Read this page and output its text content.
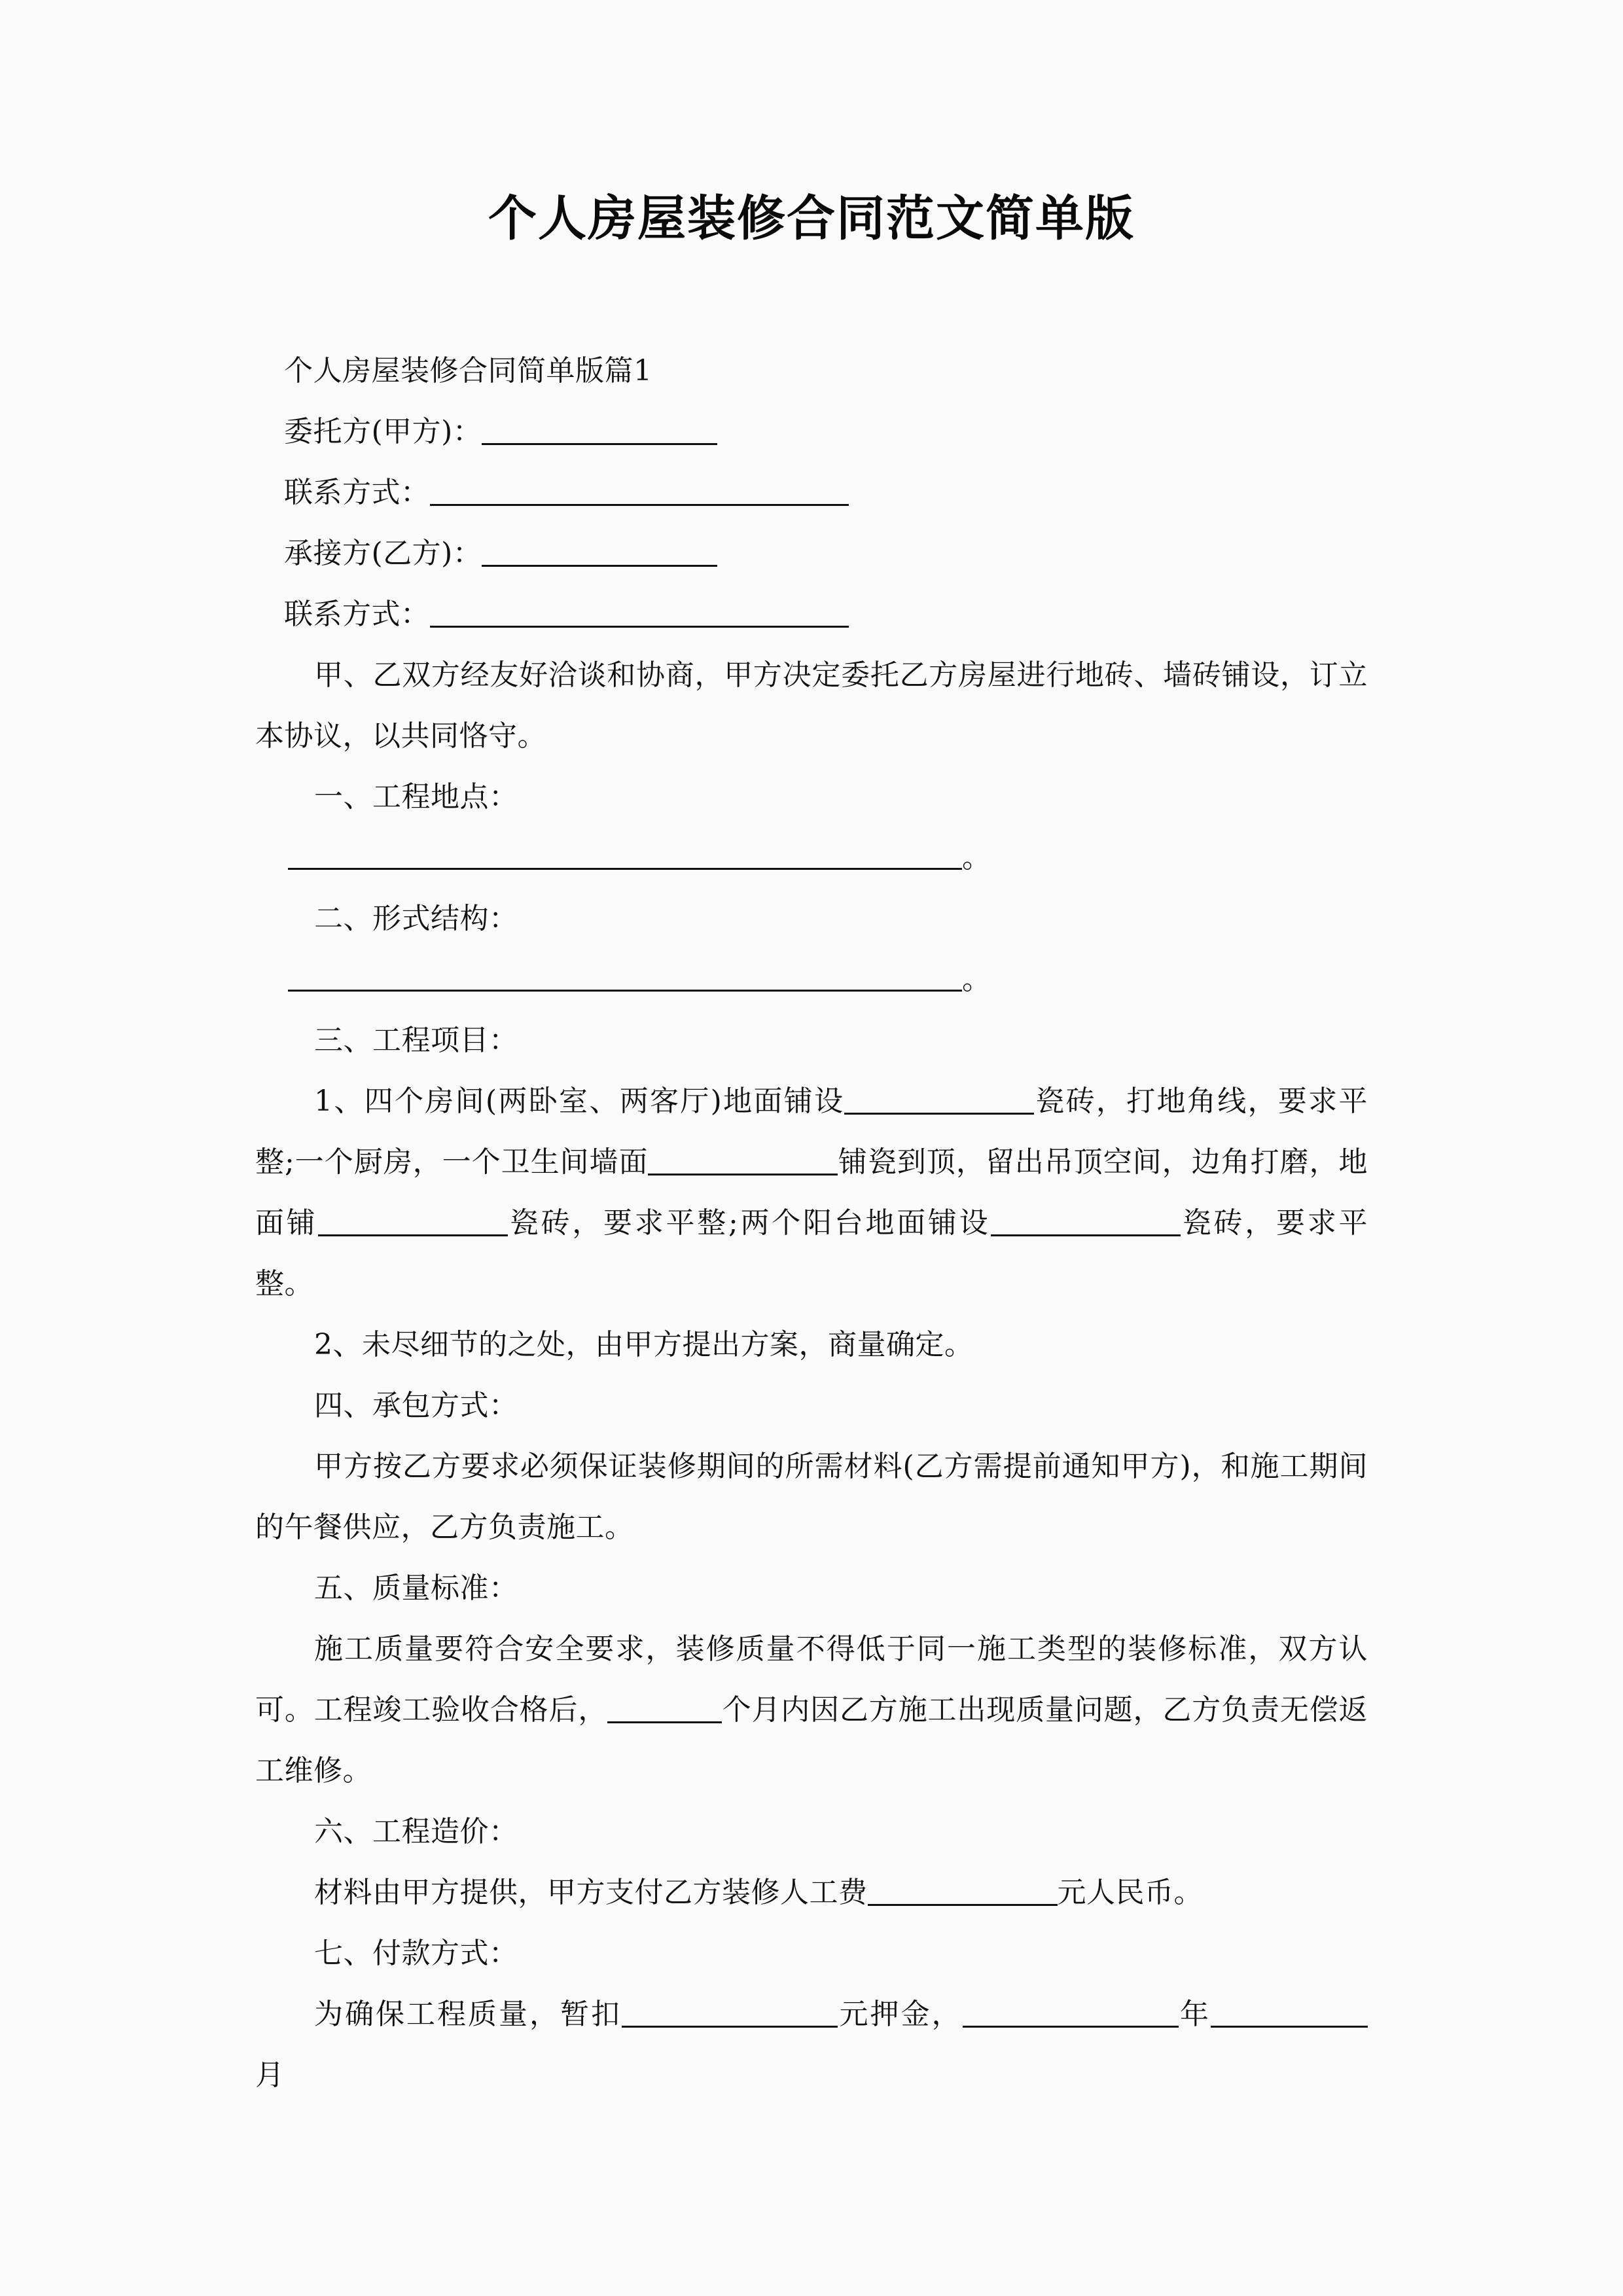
个人房屋装修合同范文简单版

个人房屋装修合同简单版篇1

委托方(甲方)：

联系方式：

承接方(乙方)：

联系方式：

甲、乙双方经友好洽谈和协商，甲方决定委托乙方房屋进行地砖、墙砖铺设，订立本协议，以共同恪守。

一、工程地点：

。

二、形式结构：

。

三、工程项目：

1、四个房间(两卧室、两客厅)地面铺设	瓷砖，打地角线，要求平整;一个厨房，一个卫生间墙面	铺瓷到顶，留出吊顶空间，边角打磨，地面铺	瓷砖，要求平整;两个阳台地面铺设	瓷砖，要求平整。

2、未尽细节的之处，由甲方提出方案，商量确定。

四、承包方式：

甲方按乙方要求必须保证装修期间的所需材料(乙方需提前通知甲方)，和施工期间的午餐供应，乙方负责施工。

五、质量标准：

施工质量要符合安全要求，装修质量不得低于同一施工类型的装修标准，双方认可。工程竣工验收合格后，	个月内因乙方施工出现质量问题，乙方负责无偿返工维修。

六、工程造价：

材料由甲方提供，甲方支付乙方装修人工费	元人民币。

七、付款方式：

为确保工程质量，暂扣	元押金，	年月
